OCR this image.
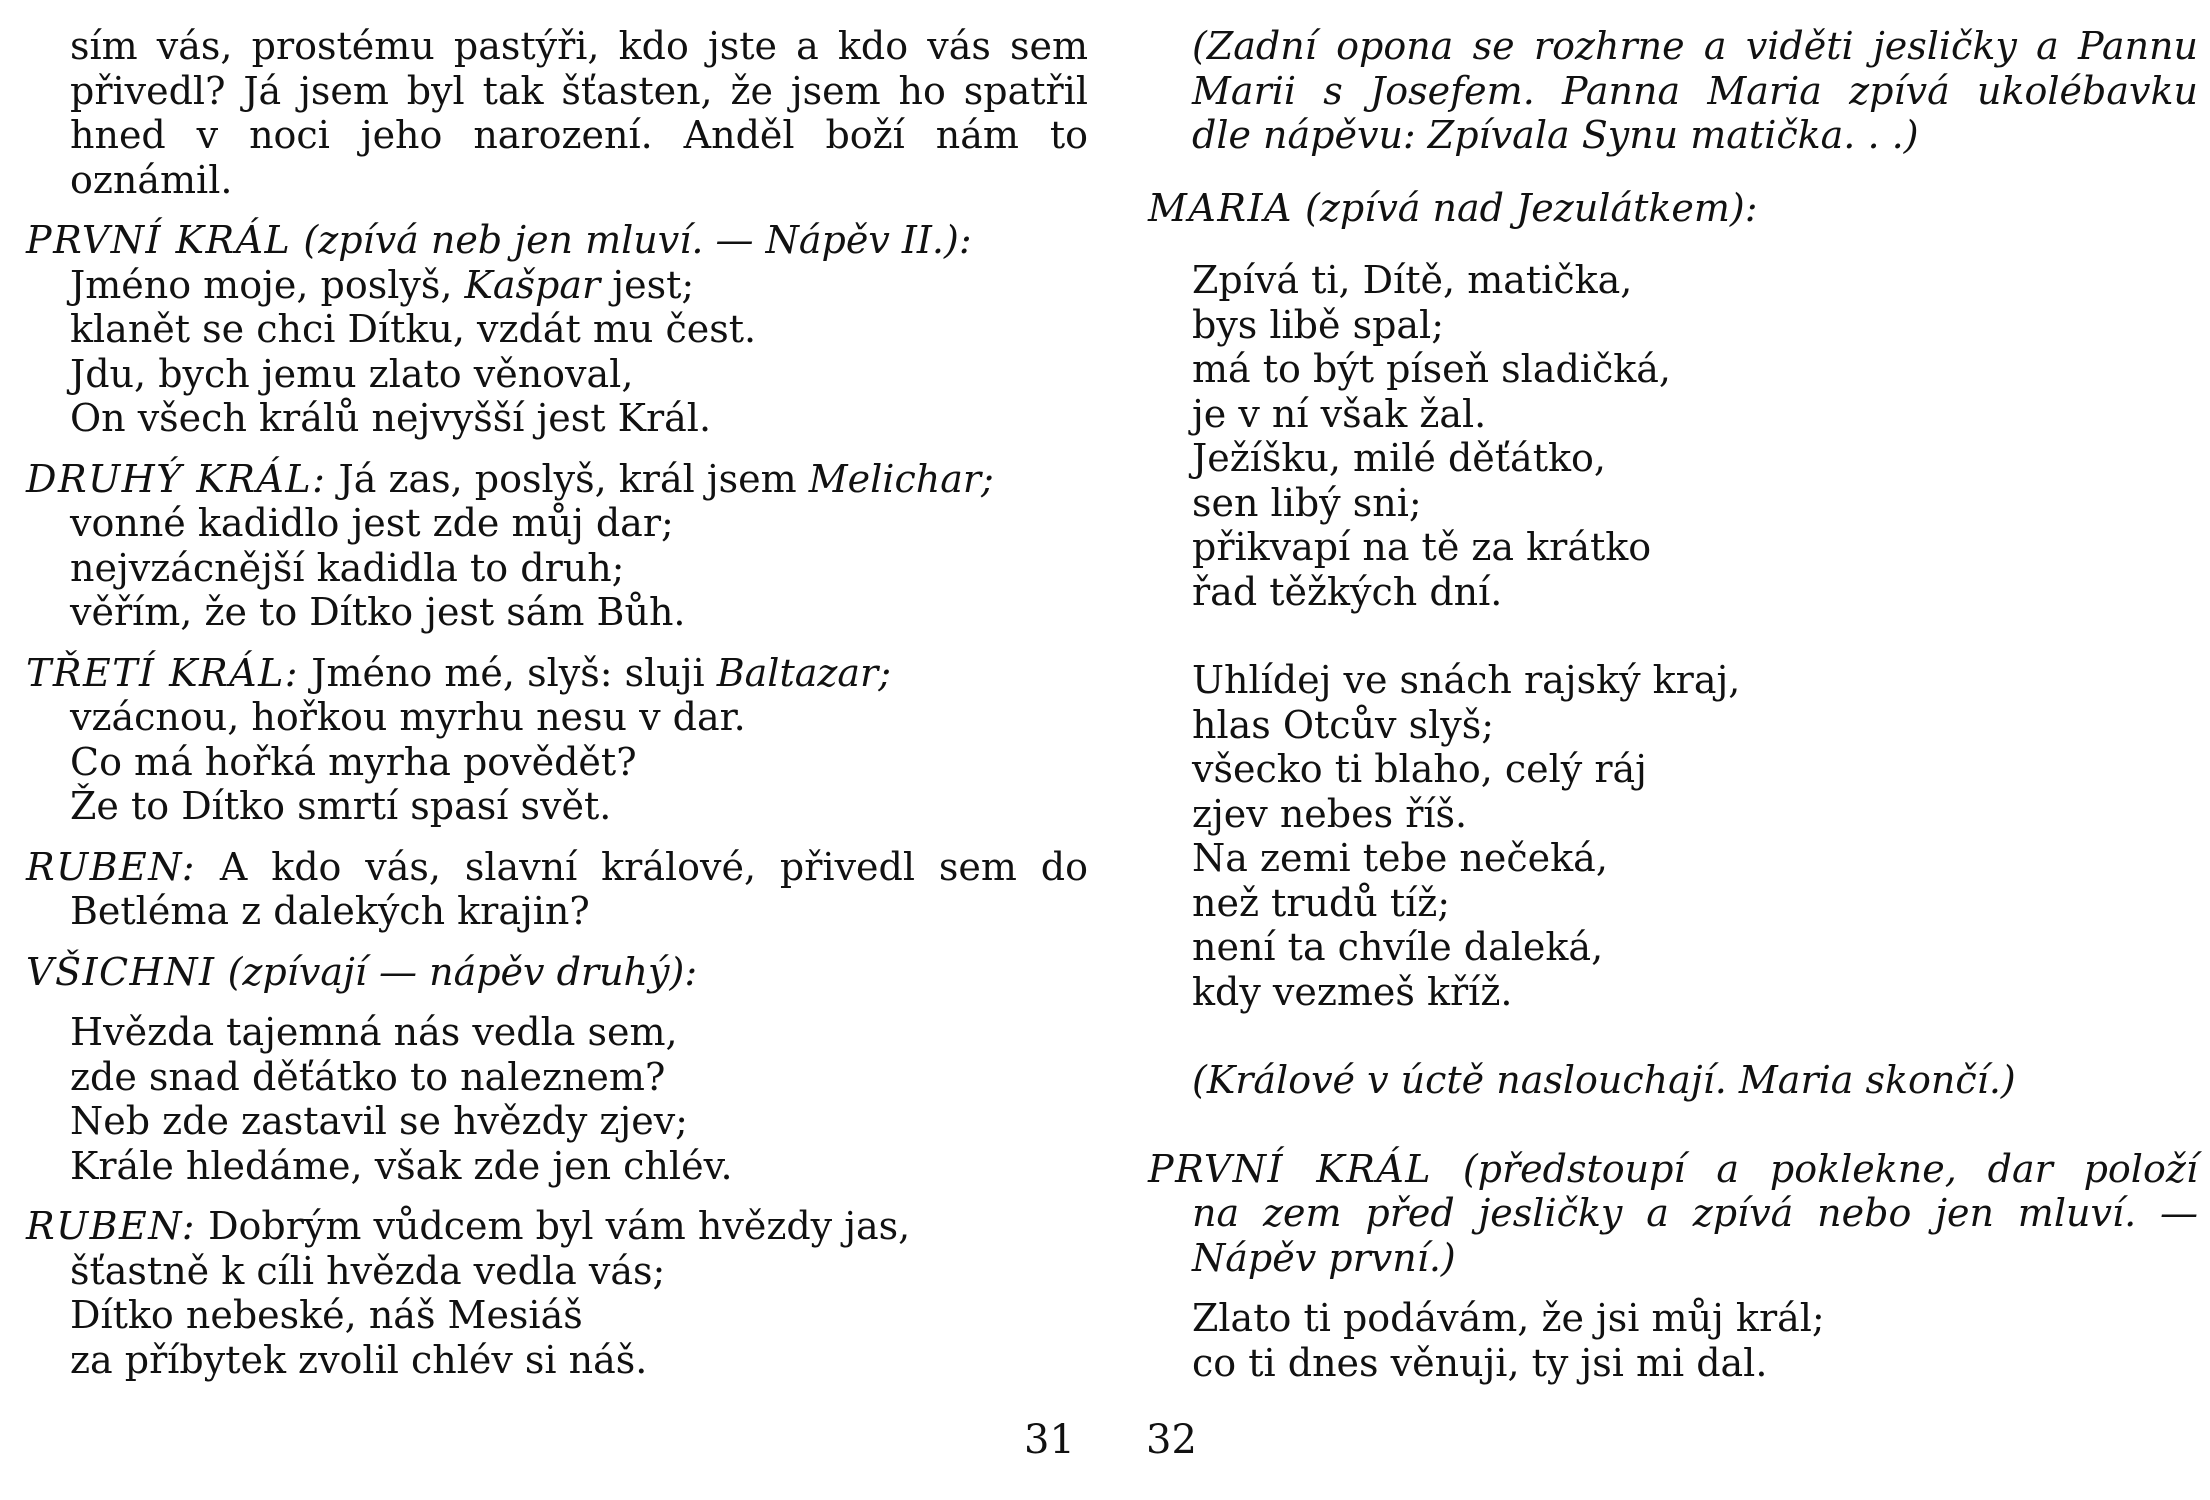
sím vás, prostému pastýři, kdo jste a kdo vás sem
přivedl? Já jsem byl tak šťasten, že jsem ho spatřil
hned v noci jeho narození. Anděl boží nám to
oznámil.
PRVNÍ KRÁL (zpívá neb jen mluví. — Nápěv II.):
Jméno moje, poslyš, Kašpar jest;
klanět se chci Dítku, vzdát mu čest.
Jdu, bych jemu zlato věnoval,
On všech králů nejvyšší jest Král.
DRUHÝ KRÁL: Já zas, poslyš, král jsem Melichar;
vonné kadidlo jest zde můj dar;
nejvzácnější kadidla to druh;
věřím, že to Dítko jest sám Bůh.
TŘETÍ KRÁL: Jméno mé, slyš: sluji Baltazar;
vzácnou, hořkou myrhu nesu v dar.
Co má hořká myrha povědět?
Že to Dítko smrtí spasí svět.
RUBEN: A kdo vás, slavní králové, přivedl sem do
Betléma z dalekých krajin?
VŠICHNI (zpívají — nápěv druhý):
Hvězda tajemná nás vedla sem,
zde snad děťátko to naleznem?
Neb zde zastavil se hvězdy zjev;
Krále hledáme, však zde jen chlév.
RUBEN: Dobrým vůdcem byl vám hvězdy jas,
šťastně k cíli hvězda vedla vás;
Dítko nebeské, náš Mesiáš
za příbytek zvolil chlév si náš.
31
(Zadní opona se rozhrne a viděti jesličky a Pannu
Marii s Josefem. Panna Maria zpívá ukolébavku
dle nápěvu: Zpívala Synu matička. . .)
MARIA (zpívá nad Jezulátkem):
Zpívá ti, Dítě, matička,
bys libě spal;
má to být píseň sladičká,
je v ní však žal.
Ježíšku, milé děťátko,
sen libý sni;
přikvapí na tě za krátko
řad těžkých dní.
Uhlídej ve snách rajský kraj,
hlas Otcův slyš;
všecko ti blaho, celý ráj
zjev nebes říš.
Na zemi tebe nečeká,
než trudů tíž;
není ta chvíle daleká,
kdy vezmeš kříž.
(Králové v úctě naslouchají. Maria skončí.)
PRVNÍ KRÁL (předstoupí a poklekne, dar položí
na zem před jesličky a zpívá nebo jen mluví. —
Nápěv první.)
Zlato ti podávám, že jsi můj král;
co ti dnes věnuji, ty jsi mi dal.
32
